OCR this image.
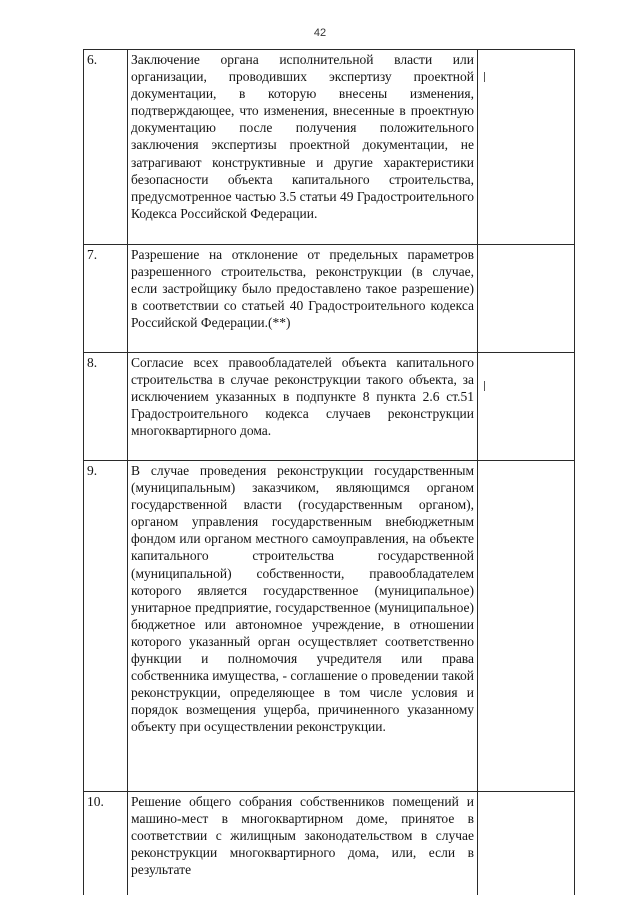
42
6.	Заключение органа исполнительной власти или организации, проводивших экспертизу проектной документации, в которую внесены изменения, подтверждающее, что изменения, внесенные в проектную документацию после получения положительного заключения экспертизы проектной документации, не затрагивают конструктивные и другие характеристики безопасности объекта капитального строительства, предусмотренное частью 3.5 статьи 49 Градостроительного Кодекса Российской Федерации.	

7.	Разрешение на отклонение от предельных параметров разрешенного строительства, реконструкции (в случае, если застройщику было предоставлено такое разрешение) в соответствии со статьей 40 Градостроительного кодекса Российской Федерации.(**)	

8.	Согласие всех правообладателей объекта капитального строительства в случае реконструкции такого объекта, за исключением указанных в подпункте 8 пункта 2.6 ст.51 Градостроительного кодекса случаев реконструкции многоквартирного дома.	

9.	В случае проведения реконструкции государственным (муниципальным) заказчиком, являющимся органом государственной власти (государственным органом), органом управления государственным внебюджетным фондом или органом местного самоуправления, на объекте капитального строительства государственной (муниципальной) собственности, правообладателем которого является государственное (муниципальное) унитарное предприятие, государственное (муниципальное) бюджетное или автономное учреждение, в отношении которого указанный орган осуществляет соответственно функции и полномочия учредителя или права собственника имущества, - соглашение о проведении такой реконструкции, определяющее в том числе условия и порядок возмещения ущерба, причиненного указанному объекту при осуществлении реконструкции.	

10.	Решение общего собрания собственников помещений и машино-мест в многоквартирном доме, принятое в соответствии с жилищным законодательством в случае реконструкции многоквартирного дома, или, если в результате	
